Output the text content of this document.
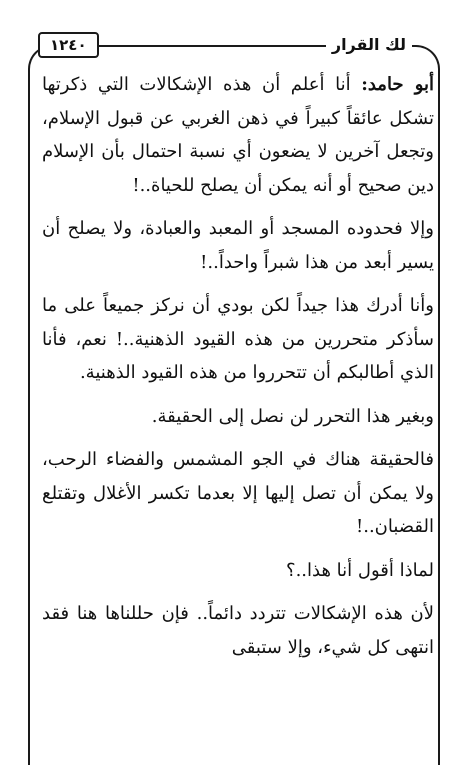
لك القرار
١٢٤٠

أبو حامد: أنا أعلم أن هذه الإشكالات التي ذكرتها تشكل عائقاً كبيراً في ذهن الغربي عن قبول الإسلام، وتجعل آخرين لا يضعون أي نسبة احتمال بأن الإسلام دين صحيح أو أنه يمكن أن يصلح للحياة..!

وإلا فحدوده المسجد أو المعبد والعبادة، ولا يصلح أن يسير أبعد من هذا شبراً واحداً..!

وأنا أدرك هذا جيداً لكن بودي أن نركز جميعاً على ما سأذكر متحررين من هذه القيود الذهنية..! نعم، فأنا الذي أطالبكم أن تتحرروا من هذه القيود الذهنية.

وبغير هذا التحرر لن نصل إلى الحقيقة.

فالحقيقة هناك في الجو المشمس والفضاء الرحب، ولا يمكن أن تصل إليها إلا بعدما تكسر الأغلال وتقتلع القضبان..!

لماذا أقول أنا هذا..؟

لأن هذه الإشكالات تتردد دائماً.. فإن حللناها هنا فقد انتهى كل شيء، وإلا ستبقى
